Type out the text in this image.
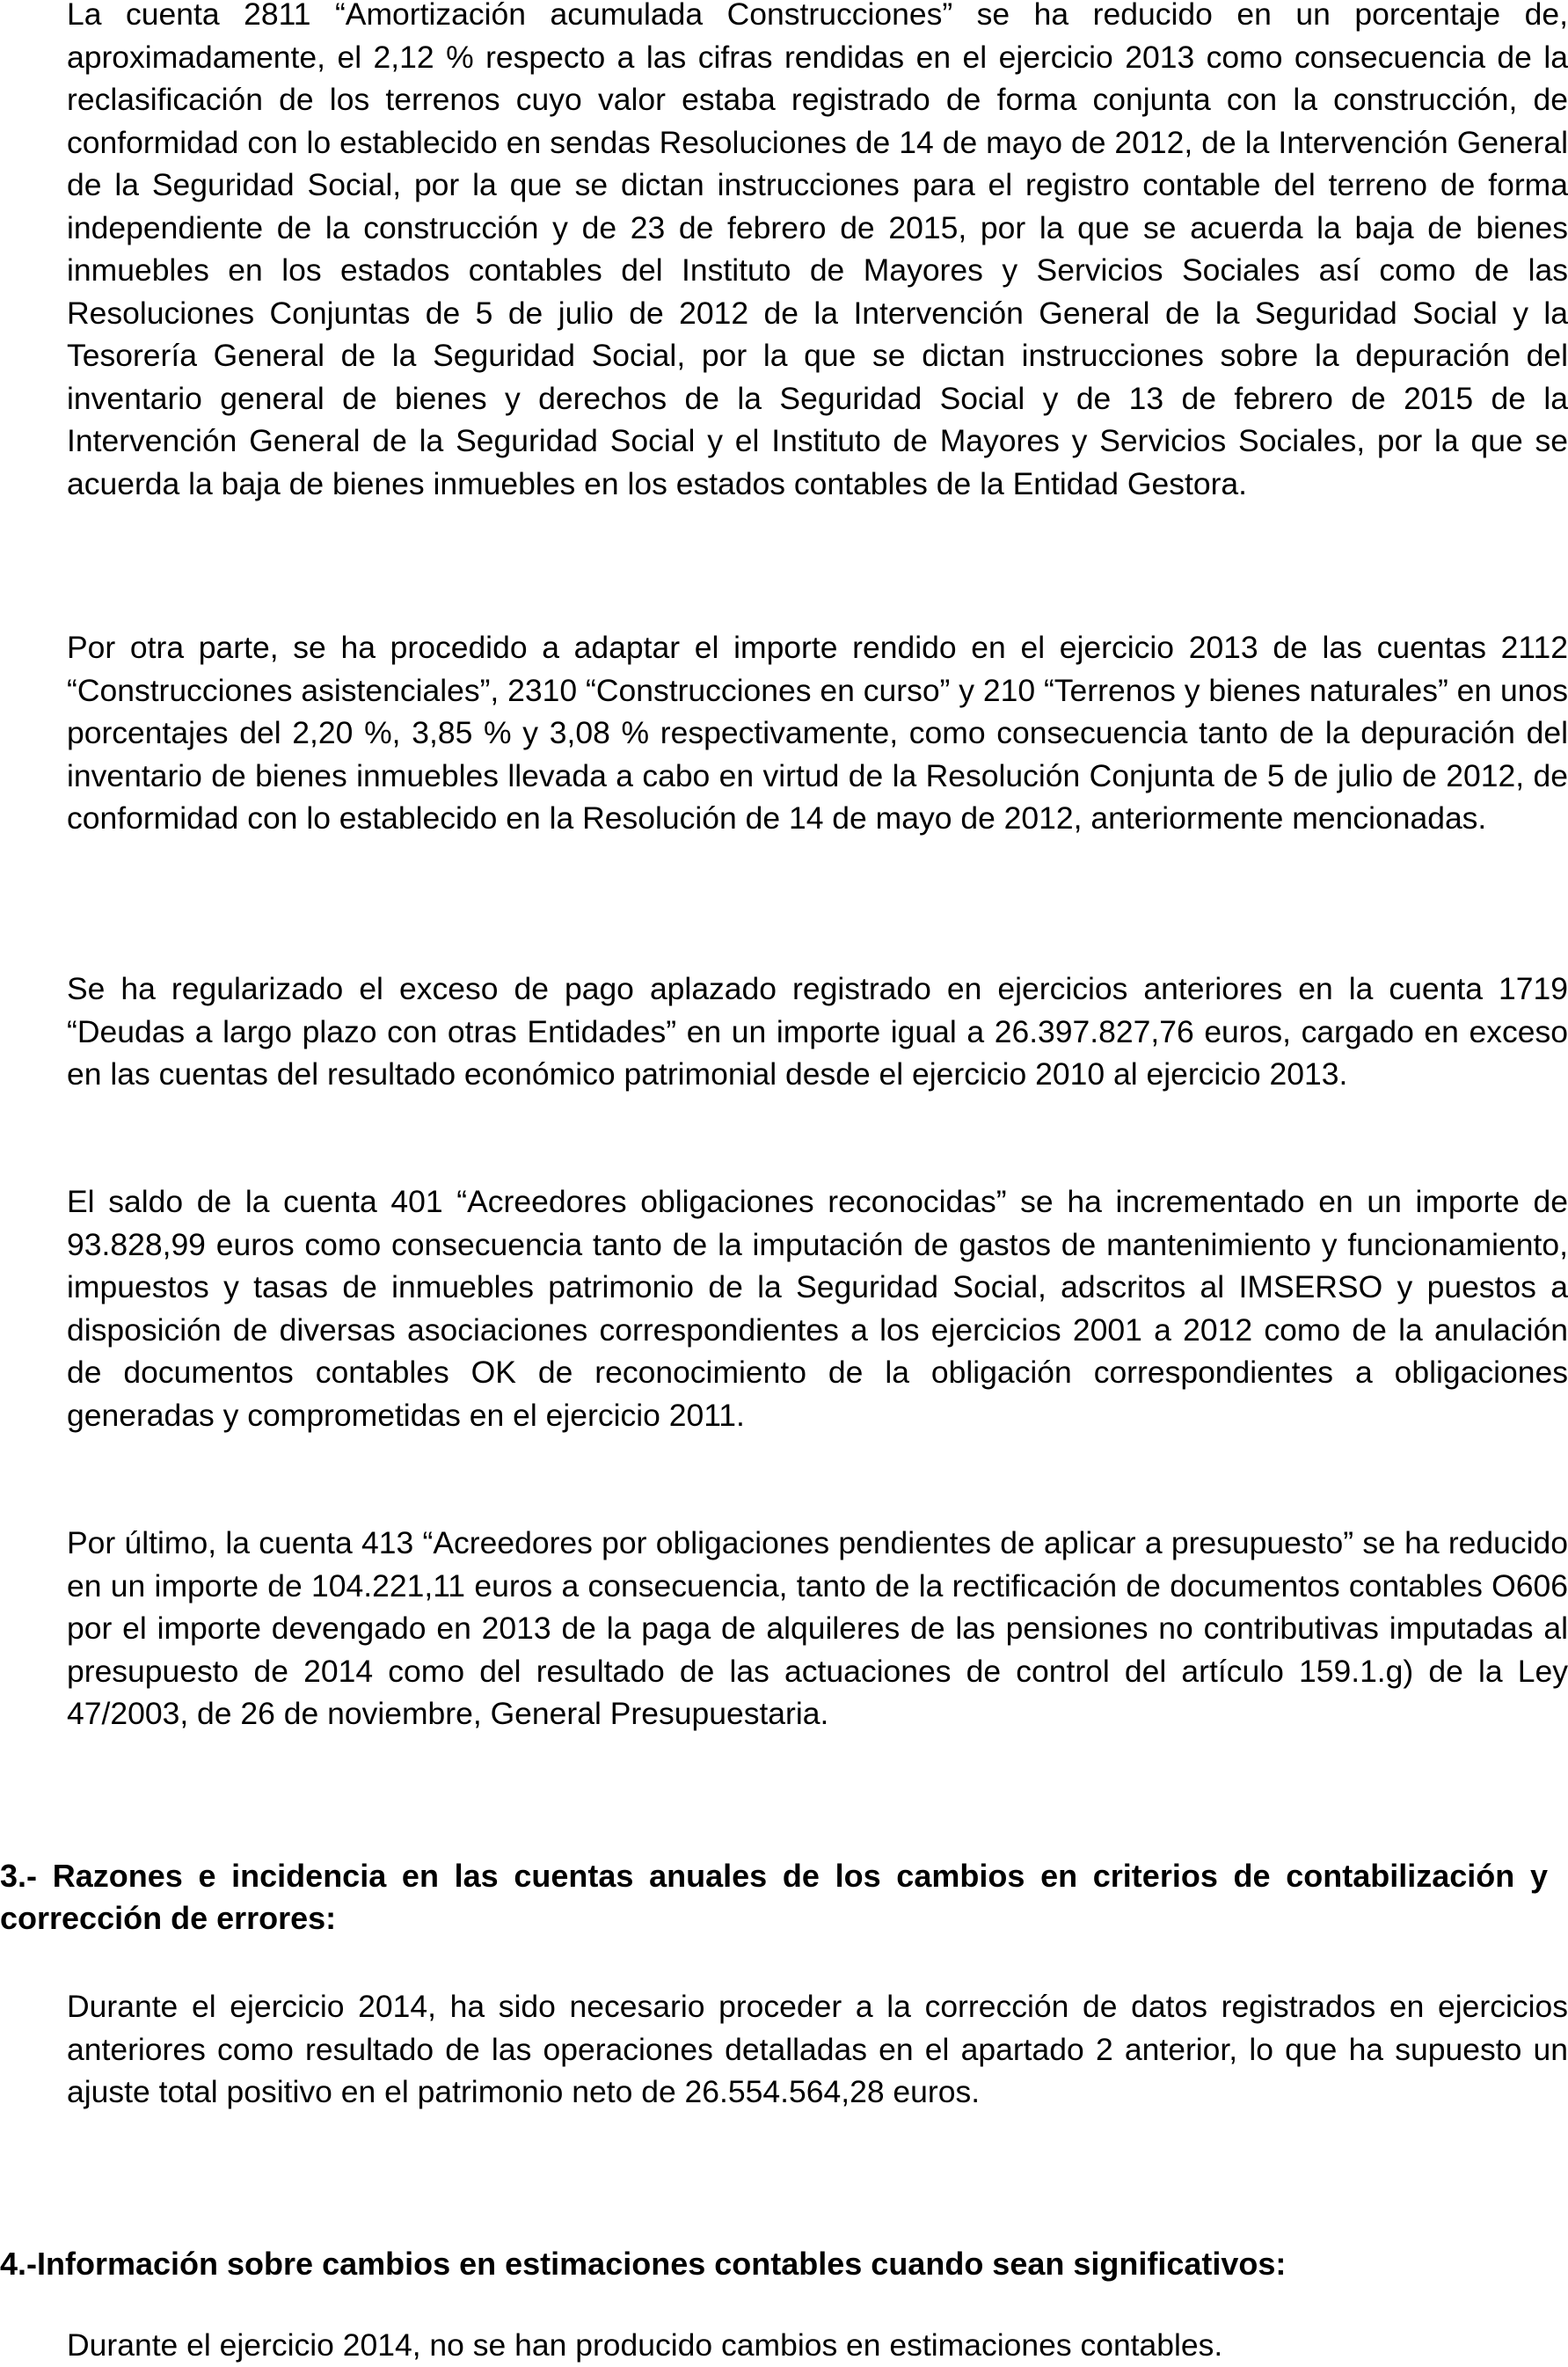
La cuenta 2811 “Amortización acumulada Construcciones” se ha reducido en un porcentaje de, aproximadamente, el 2,12 % respecto a las cifras rendidas en el ejercicio 2013 como consecuencia de la reclasificación de los terrenos cuyo valor estaba registrado de forma conjunta con la construcción, de conformidad con lo establecido en sendas Resoluciones de 14 de mayo de 2012, de la Intervención General de la Seguridad Social, por la que se dictan instrucciones para el registro contable del terreno de forma independiente de la construcción y de 23 de febrero de 2015, por la que se acuerda la baja de bienes inmuebles en los estados contables del Instituto de Mayores y Servicios Sociales así como de las Resoluciones Conjuntas de 5 de julio de 2012 de la Intervención General de la Seguridad Social y la Tesorería General de la Seguridad Social, por la que se dictan instrucciones sobre la depuración del inventario general de bienes y derechos de la Seguridad Social y de 13 de febrero de 2015 de la Intervención General de la Seguridad Social y el Instituto de Mayores y Servicios Sociales, por la que se acuerda la baja de bienes inmuebles en los estados contables de la Entidad Gestora.

Por otra parte, se ha procedido a adaptar el importe rendido en el ejercicio 2013 de las cuentas 2112 “Construcciones asistenciales”, 2310 “Construcciones en curso” y 210 “Terrenos y bienes naturales” en unos porcentajes del 2,20 %, 3,85 % y 3,08 % respectivamente, como consecuencia tanto de la depuración del inventario de bienes inmuebles llevada a cabo en virtud de la Resolución Conjunta de 5 de julio de 2012, de conformidad con lo establecido en la Resolución de 14 de mayo de 2012, anteriormente mencionadas.

Se ha regularizado el exceso de pago aplazado registrado en ejercicios anteriores en la cuenta 1719 “Deudas a largo plazo con otras Entidades” en un importe igual a 26.397.827,76 euros, cargado en exceso en las cuentas del resultado económico patrimonial desde el ejercicio 2010 al ejercicio 2013.

El saldo de la cuenta 401 “Acreedores obligaciones reconocidas” se ha incrementado en un importe de 93.828,99 euros como consecuencia tanto de la imputación de gastos de mantenimiento y funcionamiento, impuestos y tasas de inmuebles patrimonio de la Seguridad Social, adscritos al IMSERSO y puestos a disposición de diversas asociaciones correspondientes a los ejercicios 2001 a 2012 como de la anulación de documentos contables OK de reconocimiento de la obligación correspondientes a obligaciones generadas y comprometidas en el ejercicio 2011.

Por último, la cuenta 413 “Acreedores por obligaciones pendientes de aplicar a presupuesto” se ha reducido en un importe de 104.221,11 euros a consecuencia, tanto de la rectificación de documentos contables O606 por el importe devengado en 2013 de la paga de alquileres de las pensiones no contributivas imputadas al presupuesto de 2014 como del resultado de las actuaciones de control del artículo 159.1.g) de la Ley 47/2003, de 26 de noviembre, General Presupuestaria.

3.- Razones e incidencia en las cuentas anuales de los cambios en criterios de contabilización y corrección de errores:

Durante el ejercicio 2014, ha sido necesario proceder a la corrección de datos registrados en ejercicios anteriores como resultado de las operaciones detalladas en el apartado 2 anterior, lo que ha supuesto un ajuste total positivo en el patrimonio neto de 26.554.564,28 euros.

4.-Información sobre cambios en estimaciones contables cuando sean significativos:

Durante el ejercicio 2014, no se han producido cambios en estimaciones contables.
